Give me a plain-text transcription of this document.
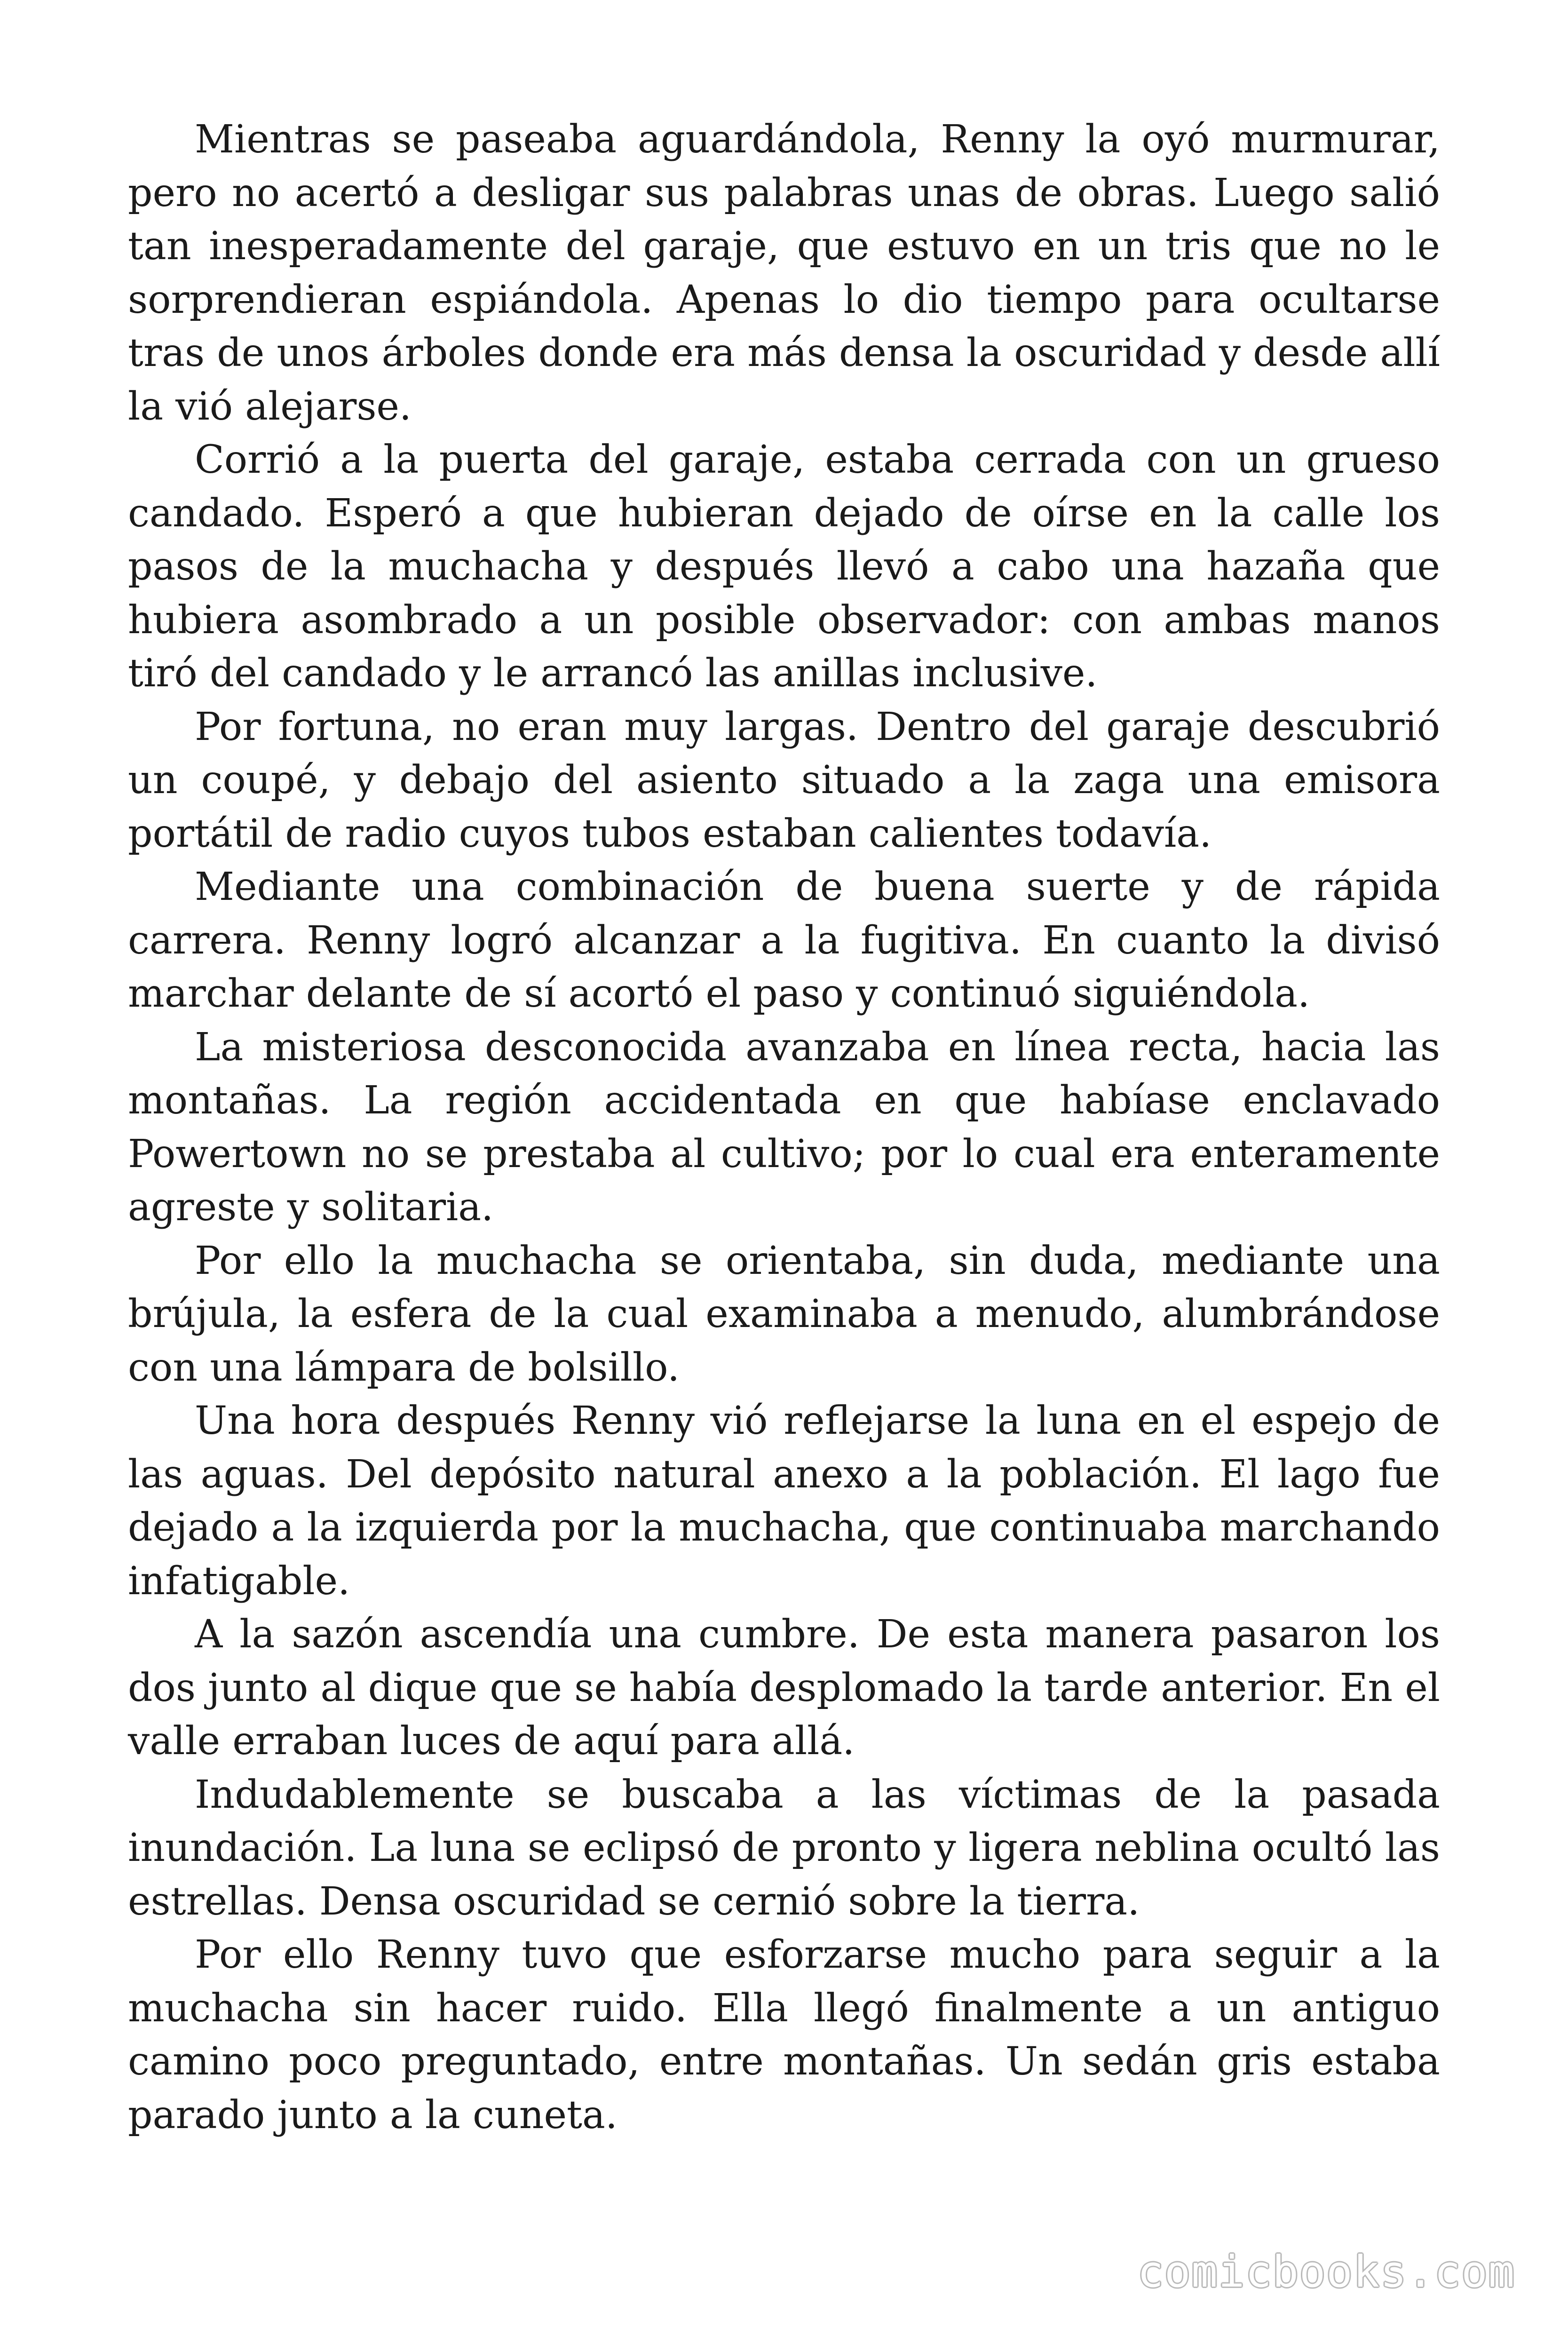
Mientras se paseaba aguardándola, Renny la oyó murmurar, pero no acertó a desligar sus palabras unas de obras. Luego salió tan inesperadamente del garaje, que estuvo en un tris que no le sorprendieran espiándola. Apenas lo dio tiempo para ocultarse tras de unos árboles donde era más densa la oscuridad y desde allí la vió alejarse.

Corrió a la puerta del garaje, estaba cerrada con un grueso candado. Esperó a que hubieran dejado de oírse en la calle los pasos de la muchacha y después llevó a cabo una hazaña que hubiera asombrado a un posible observador: con ambas manos tiró del candado y le arrancó las anillas inclusive.

Por fortuna, no eran muy largas. Dentro del garaje descubrió un coupé, y debajo del asiento situado a la zaga una emisora portátil de radio cuyos tubos estaban calientes todavía.

Mediante una combinación de buena suerte y de rápida carrera. Renny logró alcanzar a la fugitiva. En cuanto la divisó marchar delante de sí acortó el paso y continuó siguiéndola.

La misteriosa desconocida avanzaba en línea recta, hacia las montañas. La región accidentada en que habíase enclavado Powertown no se prestaba al cultivo; por lo cual era enteramente agreste y solitaria.

Por ello la muchacha se orientaba, sin duda, mediante una brújula, la esfera de la cual examinaba a menudo, alumbrándose con una lámpara de bolsillo.

Una hora después Renny vió reflejarse la luna en el espejo de las aguas. Del depósito natural anexo a la población. El lago fue dejado a la izquierda por la muchacha, que continuaba marchando infatigable.

A la sazón ascendía una cumbre. De esta manera pasaron los dos junto al dique que se había desplomado la tarde anterior. En el valle erraban luces de aquí para allá.

Indudablemente se buscaba a las víctimas de la pasada inundación. La luna se eclipsó de pronto y ligera neblina ocultó las estrellas. Densa oscuridad se cernió sobre la tierra.

Por ello Renny tuvo que esforzarse mucho para seguir a la muchacha sin hacer ruido. Ella llegó finalmente a un antiguo camino poco preguntado, entre montañas. Un sedán gris estaba parado junto a la cuneta.

comicbooks.com
